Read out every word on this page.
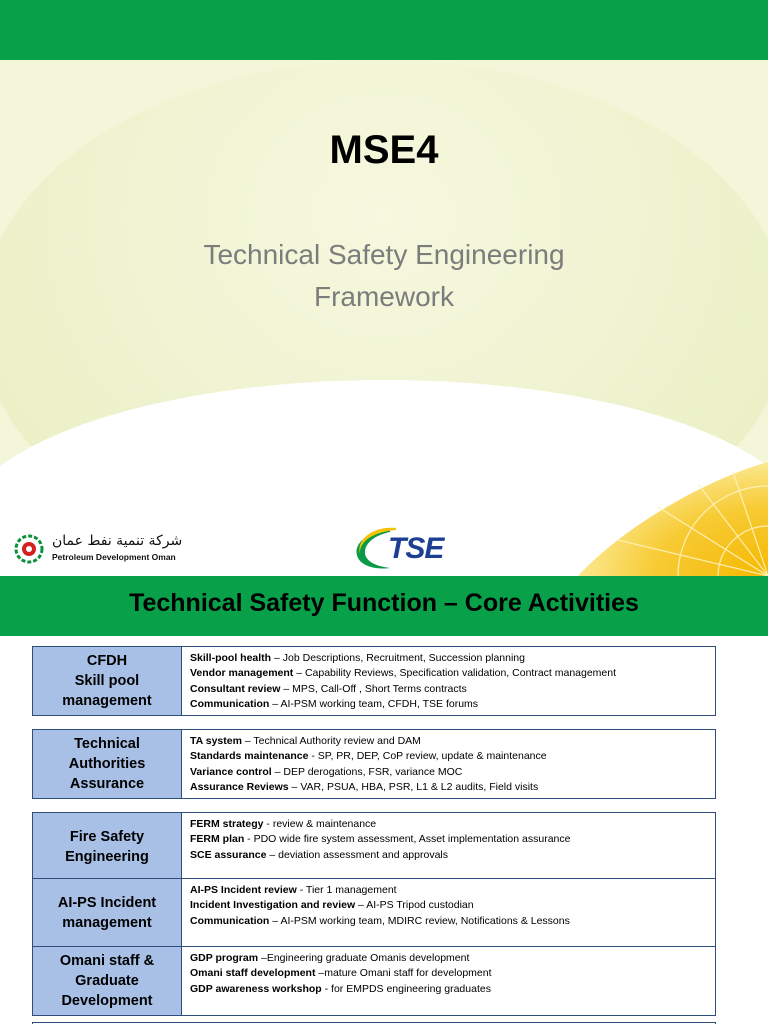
MSE4
Technical Safety Engineering
Framework
شركة تنمية نفط عمان
Petroleum Development Oman	TSE
Technical Safety Function – Core Activities
CFDH
Skill pool
management
Skill-pool health – Job Descriptions, Recruitment, Succession planning
Vendor management – Capability Reviews, Specification validation, Contract management
Consultant review – MPS, Call-Off , Short Terms contracts
Communication – AI-PSM working team, CFDH, TSE forums
Technical
Authorities
Assurance
TA system – Technical Authority review and DAM
Standards maintenance - SP, PR, DEP, CoP review, update & maintenance
Variance control – DEP derogations, FSR, variance MOC
Assurance Reviews – VAR, PSUA, HBA, PSR, L1 & L2 audits, Field visits
Fire Safety
Engineering
FERM strategy - review & maintenance
FERM plan - PDO wide fire system assessment, Asset implementation assurance
SCE assurance – deviation assessment and approvals
AI-PS Incident
management
AI-PS Incident review - Tier 1 management
Incident Investigation and review – AI-PS Tripod custodian
Communication – AI-PSM working team, MDIRC review, Notifications & Lessons
Omani staff &
Graduate
Development
GDP program –Engineering graduate Omanis development
Omani staff development –mature Omani staff for development
GDP awareness workshop - for EMPDS engineering graduates
